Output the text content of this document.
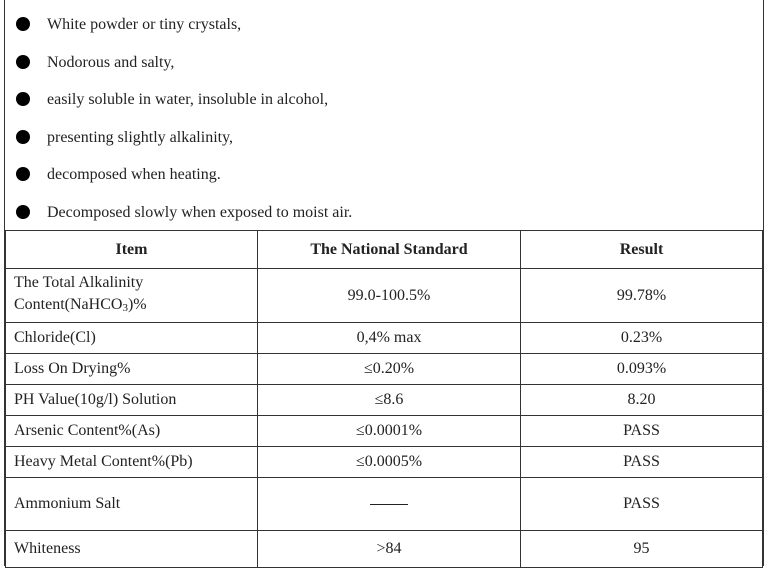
White powder or tiny crystals,
Nodorous and salty,
easily soluble in water, insoluble in alcohol,
presenting slightly alkalinity,
decomposed when heating.
Decomposed slowly when exposed to moist air.
Item	The National Standard	Result

The Total Alkalinity
Content(NaHCO3)%	99.0-100.5%	99.78%
Chloride(Cl)	0,4% max	0.23%
Loss On Drying%	≤0.20%	0.093%
PH Value(10g/l) Solution	≤8.6	8.20
Arsenic Content%(As)	≤0.0001%	PASS
Heavy Metal Content%(Pb)	≤0.0005%	PASS
Ammonium Salt		PASS
Whiteness	>84	95
